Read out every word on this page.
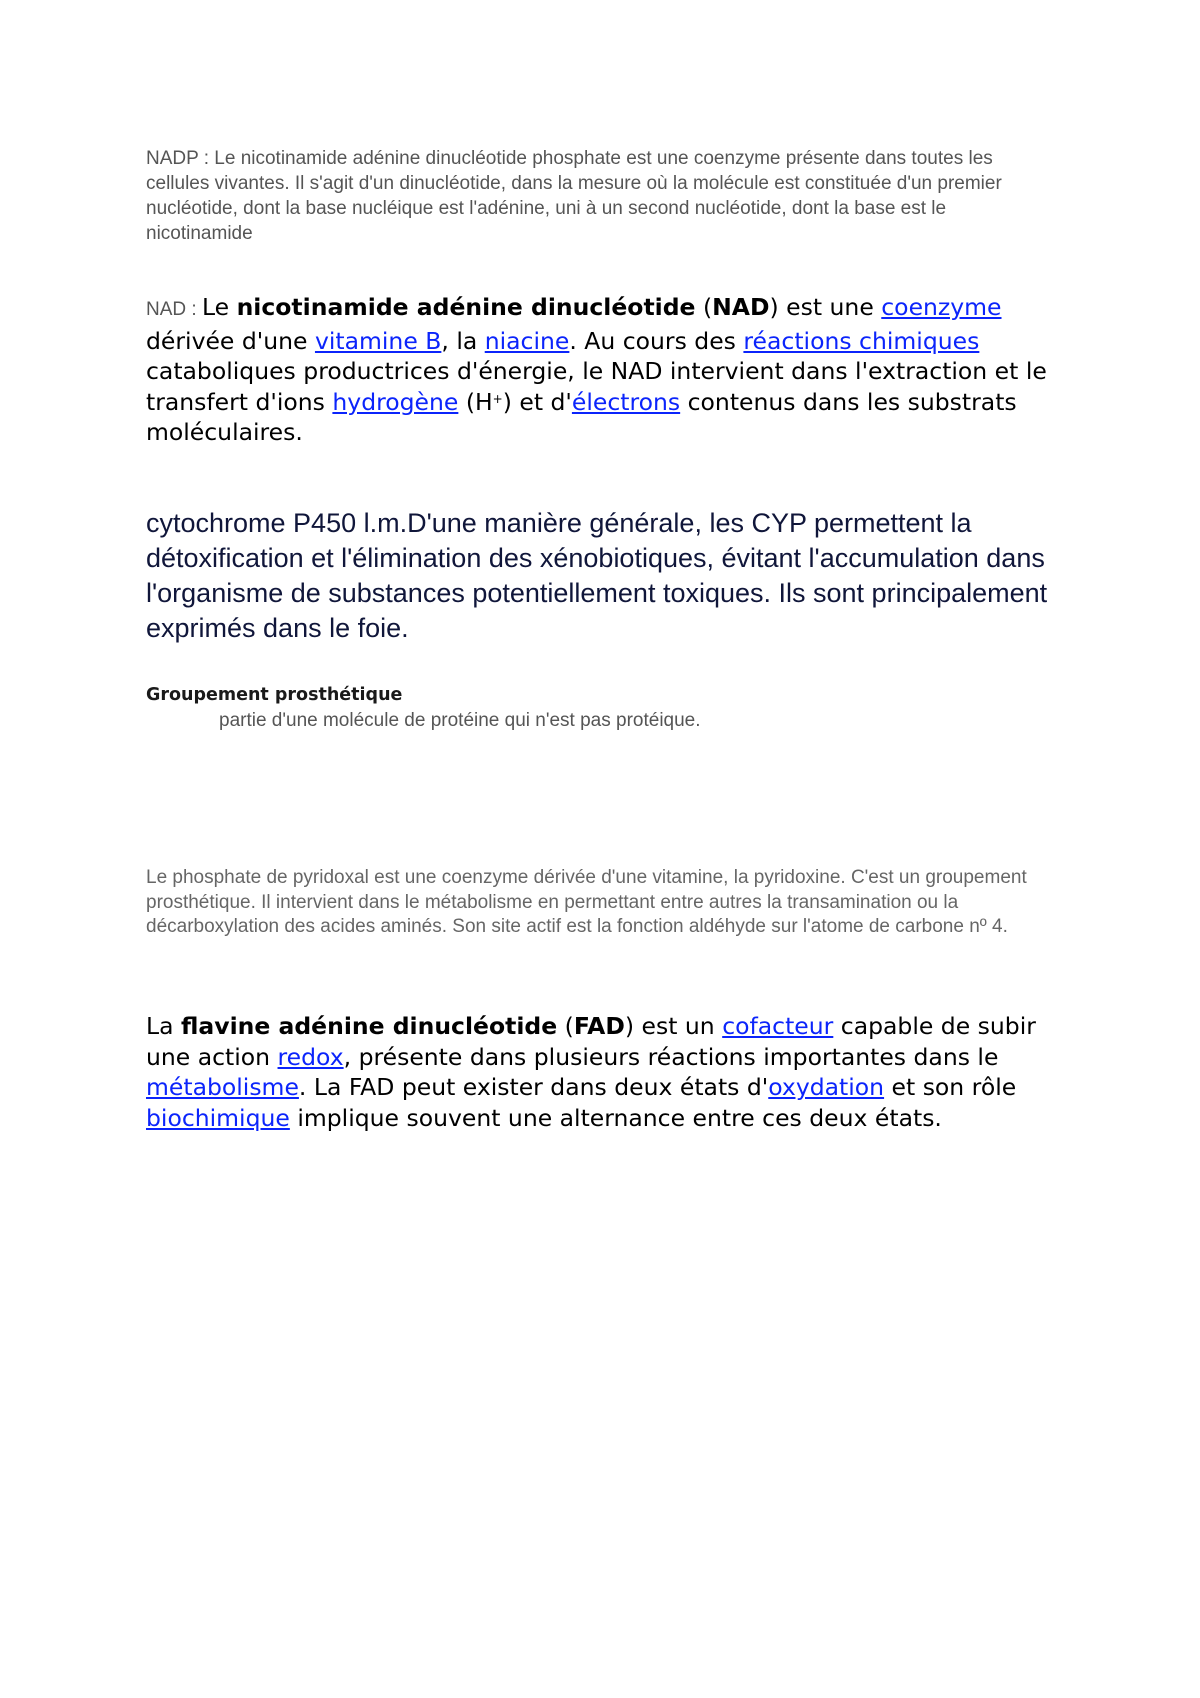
NADP : Le nicotinamide adénine dinucléotide phosphate est une coenzyme présente dans toutes les cellules vivantes. Il s'agit d'un dinucléotide, dans la mesure où la molécule est constituée d'un premier nucléotide, dont la base nucléique est l'adénine, uni à un second nucléotide, dont la base est le nicotinamide

NAD : Le nicotinamide adénine dinucléotide (NAD) est une coenzyme dérivée d'une vitamine B, la niacine. Au cours des réactions chimiques cataboliques productrices d'énergie, le NAD intervient dans l'extraction et le transfert d'ions hydrogène (H+) et d'électrons contenus dans les substrats moléculaires.

cytochrome P450 l.m.D'une manière générale, les CYP permettent la détoxification et l'élimination des xénobiotiques, évitant l'accumulation dans l'organisme de substances potentiellement toxiques. Ils sont principalement exprimés dans le foie.

Groupement prosthétique
partie d'une molécule de protéine qui n'est pas protéique.

Le phosphate de pyridoxal est une coenzyme dérivée d'une vitamine, la pyridoxine. C'est un groupement prosthétique. Il intervient dans le métabolisme en permettant entre autres la transamination ou la décarboxylation des acides aminés. Son site actif est la fonction aldéhyde sur l'atome de carbone nº 4.

La flavine adénine dinucléotide (FAD) est un cofacteur capable de subir une action redox, présente dans plusieurs réactions importantes dans le métabolisme. La FAD peut exister dans deux états d'oxydation et son rôle biochimique implique souvent une alternance entre ces deux états.
